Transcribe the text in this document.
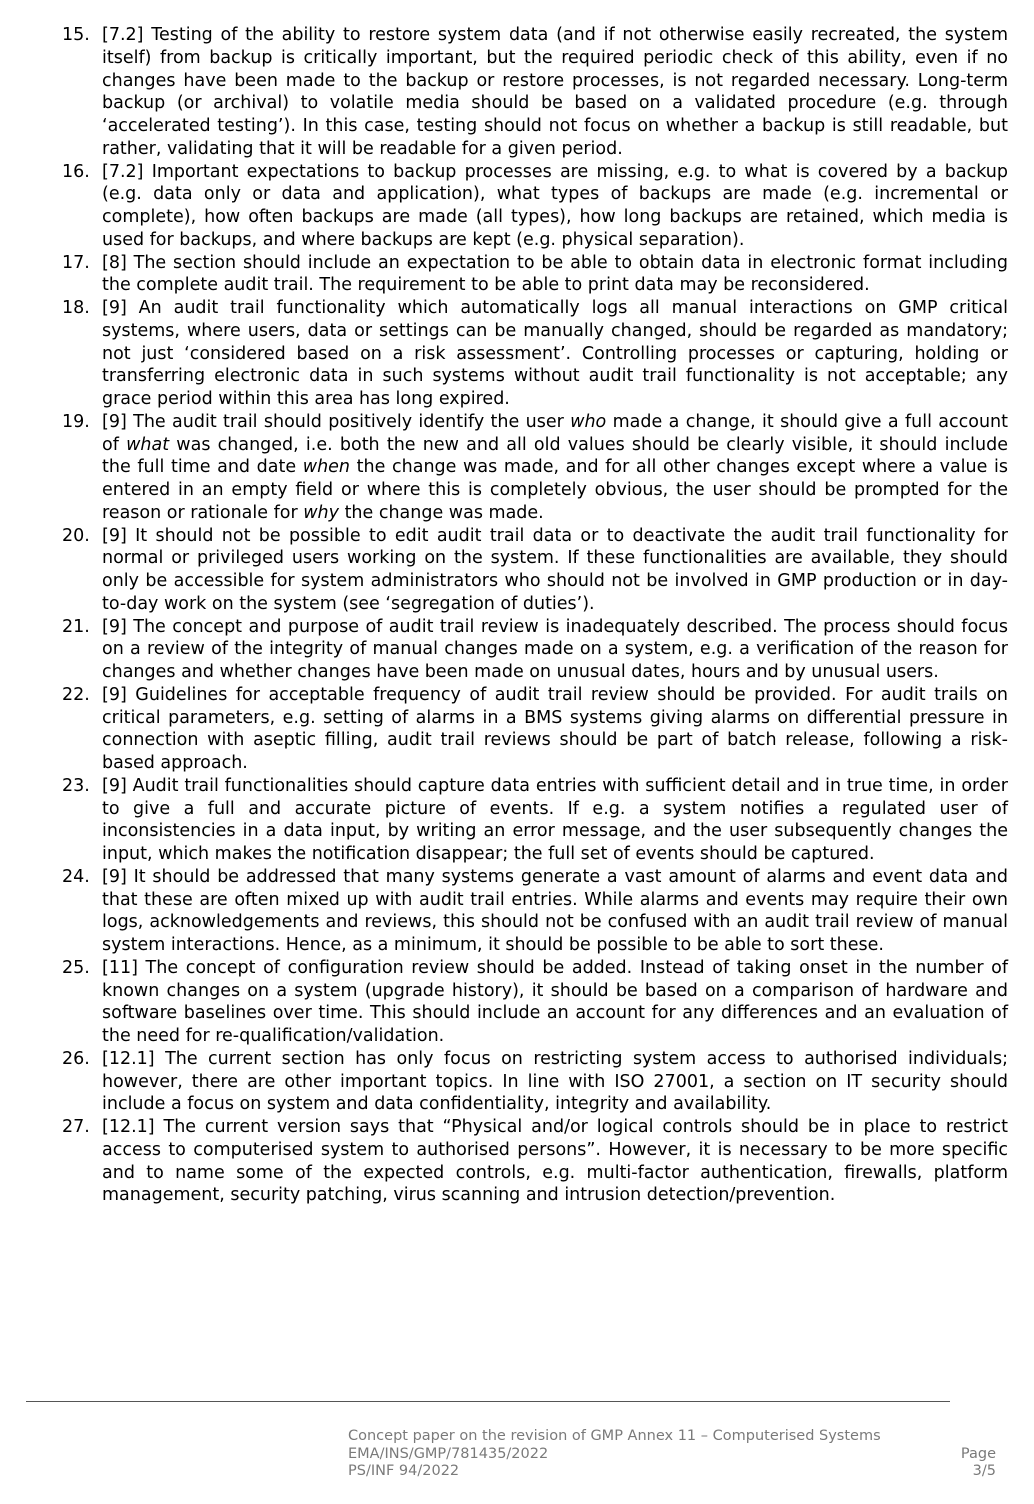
15. [7.2] Testing of the ability to restore system data (and if not otherwise easily recreated, the system itself) from backup is critically important, but the required periodic check of this ability, even if no changes have been made to the backup or restore processes, is not regarded necessary. Long-term backup (or archival) to volatile media should be based on a validated procedure (e.g. through ‘accelerated testing’). In this case, testing should not focus on whether a backup is still readable, but rather, validating that it will be readable for a given period.
16. [7.2] Important expectations to backup processes are missing, e.g. to what is covered by a backup (e.g. data only or data and application), what types of backups are made (e.g. incremental or complete), how often backups are made (all types), how long backups are retained, which media is used for backups, and where backups are kept (e.g. physical separation).
17. [8] The section should include an expectation to be able to obtain data in electronic format including the complete audit trail. The requirement to be able to print data may be reconsidered.
18. [9] An audit trail functionality which automatically logs all manual interactions on GMP critical systems, where users, data or settings can be manually changed, should be regarded as mandatory; not just ‘considered based on a risk assessment’. Controlling processes or capturing, holding or transferring electronic data in such systems without audit trail functionality is not acceptable; any grace period within this area has long expired.
19. [9] The audit trail should positively identify the user who made a change, it should give a full account of what was changed, i.e. both the new and all old values should be clearly visible, it should include the full time and date when the change was made, and for all other changes except where a value is entered in an empty field or where this is completely obvious, the user should be prompted for the reason or rationale for why the change was made.
20. [9] It should not be possible to edit audit trail data or to deactivate the audit trail functionality for normal or privileged users working on the system. If these functionalities are available, they should only be accessible for system administrators who should not be involved in GMP production or in day-to-day work on the system (see ‘segregation of duties’).
21. [9] The concept and purpose of audit trail review is inadequately described. The process should focus on a review of the integrity of manual changes made on a system, e.g. a verification of the reason for changes and whether changes have been made on unusual dates, hours and by unusual users.
22. [9] Guidelines for acceptable frequency of audit trail review should be provided. For audit trails on critical parameters, e.g. setting of alarms in a BMS systems giving alarms on differential pressure in connection with aseptic filling, audit trail reviews should be part of batch release, following a risk-based approach.
23. [9] Audit trail functionalities should capture data entries with sufficient detail and in true time, in order to give a full and accurate picture of events. If e.g. a system notifies a regulated user of inconsistencies in a data input, by writing an error message, and the user subsequently changes the input, which makes the notification disappear; the full set of events should be captured.
24. [9] It should be addressed that many systems generate a vast amount of alarms and event data and that these are often mixed up with audit trail entries. While alarms and events may require their own logs, acknowledgements and reviews, this should not be confused with an audit trail review of manual system interactions. Hence, as a minimum, it should be possible to be able to sort these.
25. [11] The concept of configuration review should be added. Instead of taking onset in the number of known changes on a system (upgrade history), it should be based on a comparison of hardware and software baselines over time. This should include an account for any differences and an evaluation of the need for re-qualification/validation.
26. [12.1] The current section has only focus on restricting system access to authorised individuals; however, there are other important topics. In line with ISO 27001, a section on IT security should include a focus on system and data confidentiality, integrity and availability.
27. [12.1] The current version says that “Physical and/or logical controls should be in place to restrict access to computerised system to authorised persons”. However, it is necessary to be more specific and to name some of the expected controls, e.g. multi-factor authentication, firewalls, platform management, security patching, virus scanning and intrusion detection/prevention.
Concept paper on the revision of GMP Annex 11 – Computerised Systems
EMA/INS/GMP/781435/2022
PS/INF 94/2022
Page
3/5
